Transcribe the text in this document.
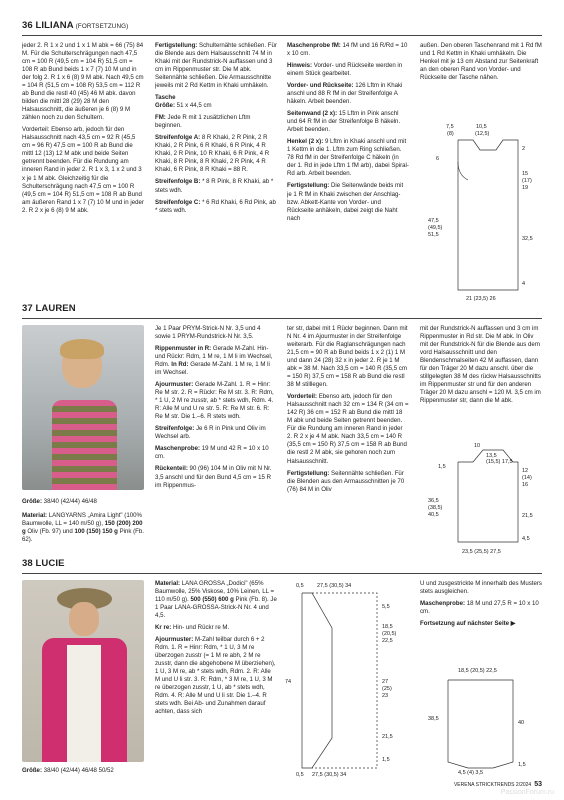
36 LILIANA (FORTSETZUNG)

jeder 2. R 1 x 2 und 1 x 1 M abk = 66 (75) 84 M. Für die Schulterschrägungen nach 47,5 cm = 100 R (49,5 cm = 104 R) 51,5 cm = 108 R ab Bund beids 1 x 7 (7) 10 M und in der folg 2. R 1 x 6 (8) 9 M abk. Nach 49,5 cm = 104 R (51,5 cm = 108 R) 53,5 cm = 112 R ab Bund die restl 40 (45) 46 M abk. davon bilden die mittl 28 (29) 28 M den Halsausschnitt, die äußeren je 6 (8) 9 M zählen noch zu den Schultern.

Vorderteil: Ebenso arb, jedoch für den Halsausschnitt nach 43,5 cm = 92 R (45,5 cm = 96 R) 47,5 cm = 100 R ab Bund die mittl 12 (13) 12 M abk und beide Seiten getrennt beenden. Für die Rundung am inneren Rand in jeder 2. R 1 x 3, 1 x 2 und 3 x je 1 M abk. Gleichzeitig für die Schulterschrägung nach 47,5 cm = 100 R (49,5 cm = 104 R) 51,5 cm = 108 R ab Bund am äußeren Rand 1 x 7 (7) 10 M und in jeder 2. R 2 x je 6 (8) 9 M abk.

Fertigstellung: Schulternähte schließen. Für die Blende aus dem Halsausschnitt 74 M in Khaki mit der Rundstrick-N auffassen und 3 cm im Rippenmuster str. Die M abk. Seitennähte schließen. Die Armausschnitte jeweils mit 2 Rd Kettm in Khaki umhäkeln.

Tasche
Größe: 51 x 44,5 cm

FM: Jede R mit 1 zusätzlichen Lftm beginnen.

Streifenfolge A: 8 R Khaki, 2 R Pink, 2 R Khaki, 2 R Pink, 6 R Khaki, 6 R Pink, 4 R Khaki, 2 R Pink, 10 R Khaki, 6 R Pink, 4 R Khaki, 8 R Pink, 8 R Khaki, 2 R Pink, 4 R Khaki, 6 R Pink, 8 R Khaki = 88 R.

Streifenfolge B: * 8 R Pink, 8 R Khaki, ab * stets wdh.

Streifenfolge C: * 6 Rd Khaki, 6 Rd Pink, ab * stets wdh.

Maschenprobe fM: 14 fM und 16 R/Rd = 10 x 10 cm.

Hinweis: Vorder- und Rückseite werden in einem Stück gearbeitet.

Vorder- und Rückseite: 126 Lftm in Khaki anschl und 88 R fM in der Streifenfolge A häkeln. Arbeit beenden.

Seitenwand (2 x): 15 Lftm in Pink anschl und 64 R fM in der Streifenfolge B häkeln. Arbeit beenden.

Henkel (2 x): 9 Lftm in Khaki anschl und mit 1 Kettm in die 1. Lftm zum Ring schließen. 78 Rd fM in der Streifenfolge C häkeln (in der 1. Rd in jede Lftm 1 fM arb), dabei Spiral-Rd arb. Arbeit beenden.

Fertigstellung: Die Seitenwände beids mit je 1 R fM in Khaki zwischen der Anschlag- bzw. Abkett-Kante von Vorder- und Rückseite anhäkeln, dabei zeigt die Naht nach

außen. Den oberen Taschenrand mit 1 Rd fM und 1 Rd Kettm in Khaki umhäkeln. Die Henkel mit je 13 cm Abstand zur Seitenkraft an den oberen Rand von Vorder- und Rückseite der Tasche nähen.

7,5
(8)
10,5
(12,5)
6
2
15
(17)
19
47,5
(49,5)
51,5
32,5
4
21 (23,5) 26
37 LAUREN
Größe: 38/40 (42/44) 46/48
Material: LANGYARNS „Amira Light" (100% Baumwolle, LL = 140 m/50 g), 150 (200) 200 g Oliv (Fb. 97) und 100 (150) 150 g Pink (Fb. 62).

Je 1 Paar PRYM-Strick-N Nr. 3,5 und 4 sowie 1 PRYM-Rundstrick-N Nr. 3,5.

Rippenmuster in R: Gerade M-Zahl. Hin- und Rückr: Rdm, 1 M re, 1 M li im Wechsel, Rdm. In Rd: Gerade M-Zahl. 1 M re, 1 M li im Wechsel.

Ajourmuster: Gerade M-Zahl. 1. R = Hinr: Re M str. 2. R = Rückr: Re M str. 3. R: Rdm, * 1 U, 2 M re zusstr, ab * stets wdh, Rdm. 4. R: Alle M und U re str. 5. R: Re M str. 6. R: Re M str. Die 1.–6. R stets wdh.

Streifenfolge: Je 6 R in Pink und Oliv im Wechsel arb.

Maschenprobe: 19 M und 42 R = 10 x 10 cm.

Rückenteil: 90 (96) 104 M in Oliv mit N Nr. 3,5 anschl und für den Bund 4,5 cm = 15 R im Rippenmus-

ter str, dabei mit 1 Rückr beginnen. Dann mit N Nr. 4 im Ajourmuster in der Streifenfolge weiterarb. Für die Raglanschrägungen nach 21,5 cm = 90 R ab Bund beids 1 x 2 (1) 1 M und dann 24 (28) 32 x in jeder 2. R je 1 M abk = 38 M. Nach 33,5 cm = 140 R (35,5 cm = 150 R) 37,5 cm = 158 R ab Bund die restl 38 M stilllegen.

Vorderteil: Ebenso arb, jedoch für den Halsausschnitt nach 32 cm = 134 R (34 cm = 142 R) 36 cm = 152 R ab Bund die mittl 18 M abk und beide Seiten getrennt beenden. Für die Rundung am inneren Rand in jeder 2. R 2 x je 4 M abk. Nach 33,5 cm = 140 R (35,5 cm = 150 R) 37,5 cm = 158 R ab Bund die restl 2 M abk, sie gehoren noch zum Halsausschnitt.

Fertigstellung: Seitennähte schließen. Für die Blenden aus den Armausschnitten je 70 (76) 84 M in Oliv

mit der Rundstrick-N auffassen und 3 cm im Rippenmuster in Rd str. Die M abk. In Oliv mit der Rundstrick-N für die Blende aus dem vord Halsausschnitt und den Blendenschmalseiten 42 M auffassen, dann für den Träger 20 M dazu anschl. über die stillgelegten 38 M des rückw Halsausschnitts im Rippenmuster str und für den anderen Träger 20 M dazu anschl = 120 M. 3,5 cm im Rippenmuster str, dann die M abk.

10
13,5
(15,5) 17,5
1,5
12
(14)
16
36,5
(38,5)
40,5	21,5
4,5
23,5 (25,5) 27,5
38 LUCIE
Größe: 38/40 (42/44) 46/48 50/52

Material: LANA GROSSA „Dodici" (65% Baumwolle, 25% Viskose, 10% Leinen, LL = 110 m/50 g). 500 (550) 600 g Pink (Fb. 8). Je 1 Paar LANA-GROSSA-Strick-N Nr. 4 und 4,5.

Kr re: Hin- und Rückr re M.

Ajourmuster: M-Zahl teilbar durch 6 + 2 Rdm. 1. R = Hinr: Rdm, * 1 U, 3 M re überzogen zusstr (= 1 M re abh, 2 M re zusstr, dann die abgehobene M überziehen), 1 U, 3 M re, ab * stets wdh, Rdm. 2. R: Alle M und U li str. 3. R: Rdm, * 3 M re, 1 U, 3 M re überzogen zusstr, 1 U, ab * stets wdh, Rdm. 4. R: Alle M und U li str. Die 1.–4. R stets wdh. Bei Ab- und Zunahmen darauf achten, dass sich

0,5 27,5 (30,5) 34
5,5
18,5
(20,5)
22,5
74	27
(25)
23
21,5
1,5
27,5 (30,5) 34
0,5

U und zusgestrickte M innerhalb des Musters stets ausgleichen.

Maschenprobe: 18 M und 27,5 R = 10 x 10 cm.

Fortsetzung auf nächster Seite ▶

18,5 (20,5) 22,5
40
38,5
1,5
4,5 (4) 3,5
VERENA STRICKTRENDS 2/2024 53
PassionForum.ru
